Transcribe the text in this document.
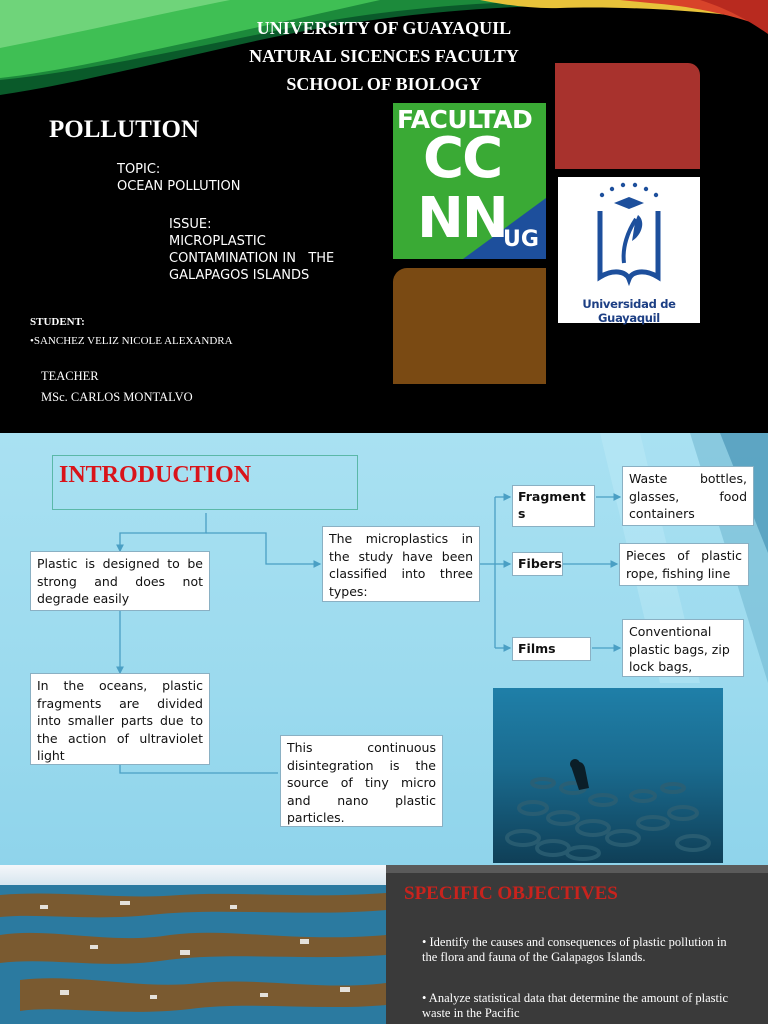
UNIVERSITY OF GUAYAQUIL
NATURAL SICENCES FACULTY
SCHOOL OF BIOLOGY
POLLUTION
TOPIC:
OCEAN POLLUTION
ISSUE:
MICROPLASTIC
CONTAMINATION IN   THE
GALAPAGOS ISLANDS
STUDENT:
•SANCHEZ VELIZ NICOLE ALEXANDRA
TEACHER
MSc. CARLOS MONTALVO
FACULTAD
CC
NN
UG
Universidad de Guayaquil
INTRODUCTION
Plastic is designed to be strong and does not degrade easily
In the oceans, plastic fragments are divided into smaller parts due to the action of ultraviolet light
This continuous disintegration is the source of tiny micro and nano plastic particles.
The microplastics in the study have been classified into three types:
Fragment s
Fibers
Films
Waste bottles, glasses, food containers
Pieces of plastic rope, fishing line
Conventional plastic bags, zip lock bags,
SPECIFIC OBJECTIVES
• Identify the causes and consequences of plastic pollution in the flora and fauna of the Galapagos Islands.
• Analyze statistical data that determine the amount of plastic waste in the Pacific
